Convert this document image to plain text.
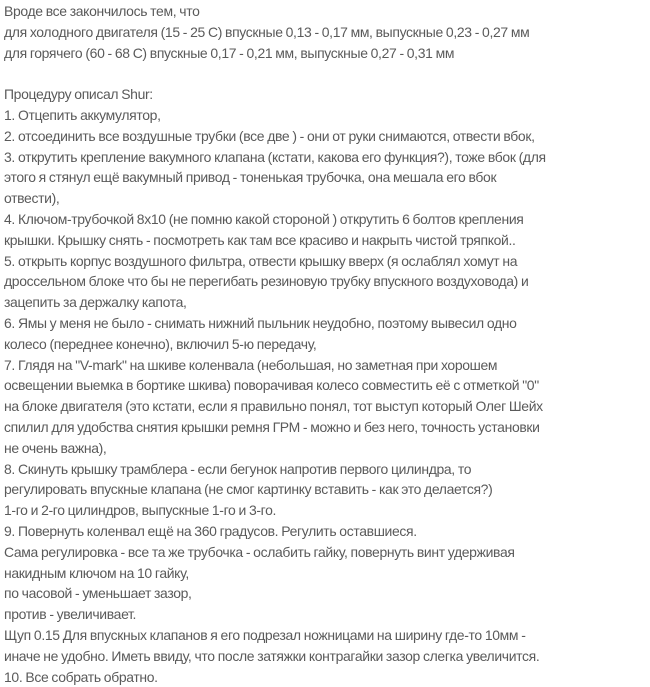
Вроде все закончилось тем, что
для холодного двигателя (15 - 25 С) впускные 0,13 - 0,17 мм, выпускные 0,23 - 0,27 мм
для горячего (60 - 68 С) впускные 0,17 - 0,21 мм, выпускные 0,27 - 0,31 мм
Процедуру описал Shur:
1. Отцепить аккумулятор,
2. отсоединить все воздушные трубки (все две ) - они от руки снимаются, отвести вбок,
3. открутить крепление вакумного клапана (кстати, какова его функция?), тоже вбок (для
этого я стянул ещё вакумный привод - тоненькая трубочка, она мешала его вбок
отвести),
4. Ключом-трубочкой 8х10 (не помню какой стороной ) открутить 6 болтов крепления
крышки. Крышку снять - посмотреть как там все красиво и накрыть чистой тряпкой..
5. открыть корпус воздушного фильтра, отвести крышку вверх (я ослаблял хомут на
дроссельном блоке что бы не перегибать резиновую трубку впускного воздуховода) и
зацепить за держалку капота,
6. Ямы у меня не было - снимать нижний пыльник неудобно, поэтому вывесил одно
колесо (переднее конечно), включил 5-ю передачу,
7. Глядя на "V-mark" на шкиве коленвала (небольшая, но заметная при хорошем
освещении выемка в бортике шкива) поворачивая колесо совместить её с отметкой "0"
на блоке двигателя (это кстати, если я правильно понял, тот выступ который Олег Шейх
спилил для удобства снятия крышки ремня ГРМ - можно и без него, точность установки
не очень важна),
8. Скинуть крышку трамблера - если бегунок напротив первого цилиндра, то
регулировать впускные клапана (не смог картинку вставить - как это делается?)
1-го и 2-го цилиндров, выпускные 1-го и 3-го.
9. Повернуть коленвал ещё на 360 градусов. Регулить оставшиеся.
Сама регулировка - все та же трубочка - ослабить гайку, повернуть винт удерживая
накидным ключом на 10 гайку,
по часовой - уменьшает зазор,
против - увеличивает.
Щуп 0.15 Для впускных клапанов я его подрезал ножницами на ширину где-то 10мм -
иначе не удобно. Иметь ввиду, что после затяжки контрагайки зазор слегка увеличится.
10. Все собрать обратно.
